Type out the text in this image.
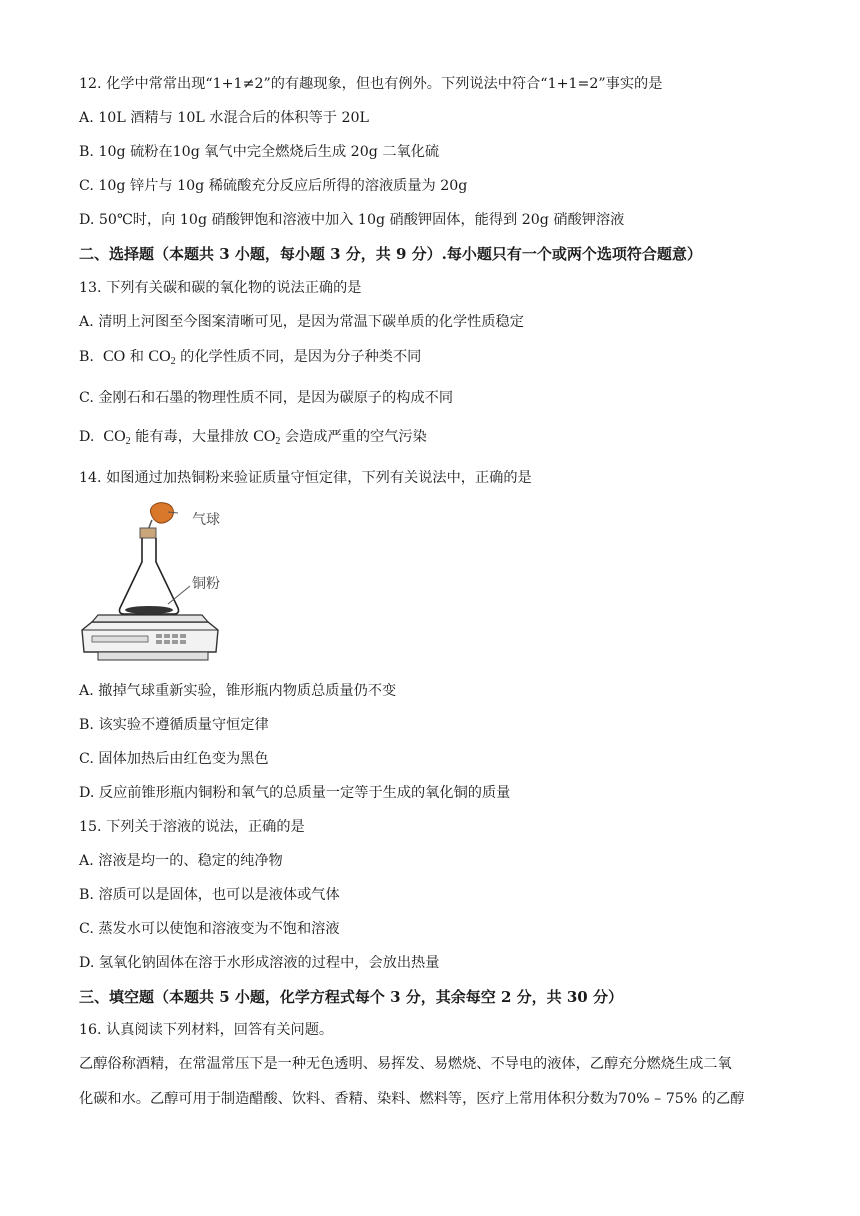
12. 化学中常常出现“1+1≠2”的有趣现象，但也有例外。下列说法中符合“1+1=2”事实的是
A. 10L 酒精与 10L 水混合后的体积等于 20L
B. 10g 硫粉在10g 氧气中完全燃烧后生成 20g 二氧化硫
C. 10g 锌片与 10g 稀硫酸充分反应后所得的溶液质量为 20g
D. 50℃时，向 10g 硝酸钾饱和溶液中加入 10g 硝酸钾固体，能得到 20g 硝酸钾溶液
二、选择题（本题共 3 小题，每小题 3 分，共 9 分）.每小题只有一个或两个选项符合题意）
13. 下列有关碳和碳的氧化物的说法正确的是
A. 清明上河图至今图案清晰可见，是因为常温下碳单质的化学性质稳定
B. CO 和 $CO_2$ 的化学性质不同，是因为分子种类不同
C. 金刚石和石墨的物理性质不同，是因为碳原子的构成不同
D. $CO_2$ 能有毒，大量排放 $CO_2$ 会造成严重的空气污染
14. 如图通过加热铜粉来验证质量守恒定律，下列有关说法中，正确的是
气球
铜粉
A. 撤掉气球重新实验，锥形瓶内物质总质量仍不变
B. 该实验不遵循质量守恒定律
C. 固体加热后由红色变为黑色
D. 反应前锥形瓶内铜粉和氧气的总质量一定等于生成的氧化铜的质量
15. 下列关于溶液的说法，正确的是
A. 溶液是均一的、稳定的纯净物
B. 溶质可以是固体，也可以是液体或气体
C. 蒸发水可以使饱和溶液变为不饱和溶液
D. 氢氧化钠固体在溶于水形成溶液的过程中，会放出热量
三、填空题（本题共 5 小题，化学方程式每个 3 分，其余每空 2 分，共 30 分）
16. 认真阅读下列材料，回答有关问题。
乙醇俗称酒精，在常温常压下是一种无色透明、易挥发、易燃烧、不导电的液体，乙醇充分燃烧生成二氧
化碳和水。乙醇可用于制造醋酸、饮料、香精、染料、燃料等，医疗上常用体积分数为70% – 75% 的乙醇
